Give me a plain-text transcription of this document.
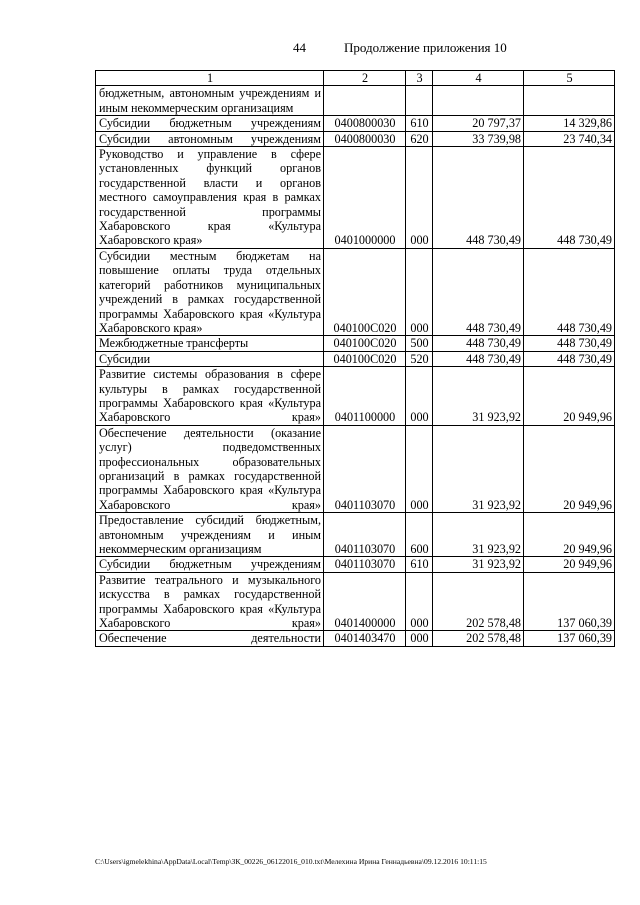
44	Продолжение приложения 10
1	2	3	4	5
бюджетным, автономным учреждениям и иным некоммерческим организациям				
Субсидии бюджетным учреждениям	0400800030	610	20 797,37	14 329,86
Субсидии автономным учреждениям	0400800030	620	33 739,98	23 740,34
Руководство и управление в сфере установленных функций органов государственной власти и органов местного самоуправления края в рамках государственной программы Хабаровского края «Культура Хабаровского края»	0401000000	000	448 730,49	448 730,49
Субсидии местным бюджетам на повышение оплаты труда отдельных категорий работников муниципальных учреждений в рамках государственной программы Хабаровского края «Культура Хабаровского края»	040100С020	000	448 730,49	448 730,49
Межбюджетные трансферты	040100С020	500	448 730,49	448 730,49
Субсидии	040100С020	520	448 730,49	448 730,49
Развитие системы образования в сфере культуры в рамках государственной программы Хабаровского края «Культура Хабаровского края»	0401100000	000	31 923,92	20 949,96
Обеспечение деятельности (оказание услуг) подведомственных профессиональных образовательных организаций в рамках государственной программы Хабаровского края «Культура Хабаровского края»	0401103070	000	31 923,92	20 949,96
Предоставление субсидий бюджетным, автономным учреждениям и иным некоммерческим организациям	0401103070	600	31 923,92	20 949,96
Субсидии бюджетным учреждениям	0401103070	610	31 923,92	20 949,96
Развитие театрального и музыкального искусства в рамках государственной программы Хабаровского края «Культура Хабаровского края»	0401400000	000	202 578,48	137 060,39
Обеспечение деятельности	0401403470	000	202 578,48	137 060,39
C:\Users\igmelekhina\AppData\Local\Temp\ЗК_00226_06122016_010.txt\Мелехина Ирина Геннадьевна\09.12.2016 10:11:15
